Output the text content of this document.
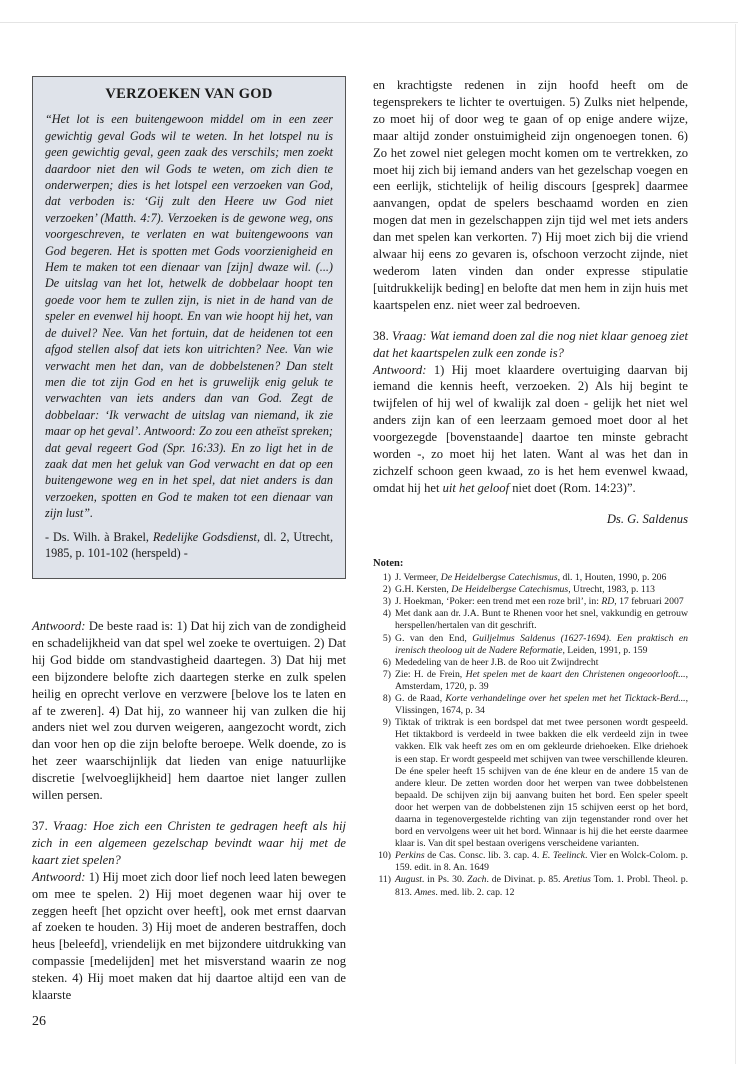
VERZOEKEN VAN GOD

“Het lot is een buitengewoon middel om in een zeer gewichtig geval Gods wil te weten. In het lotspel nu is geen gewichtig geval, geen zaak des verschils; men zoekt daardoor niet den wil Gods te weten, om zich dien te onderwerpen; dies is het lotspel een verzoeken van God, dat verboden is: ‘Gij zult den Heere uw God niet verzoeken’ (Matth. 4:7). Verzoeken is de gewone weg, ons voorgeschreven, te verlaten en wat buitengewoons van God begeren. Het is spotten met Gods voorzienigheid en Hem te maken tot een dienaar van [zijn] dwaze wil. (...) De uitslag van het lot, hetwelk de dobbelaar hoopt ten goede voor hem te zullen zijn, is niet in de hand van de speler en evenwel hij hoopt. En van wie hoopt hij het, van de duivel? Nee. Van het fortuin, dat de heidenen tot een afgod stellen alsof dat iets kon uitrichten? Nee. Van wie verwacht men het dan, van de dobbelstenen? Dan stelt men die tot zijn God en het is gruwelijk enig geluk te verwachten van iets anders dan van God. Zegt de dobbelaar: ‘Ik verwacht de uitslag van niemand, ik zie maar op het geval’. Antwoord: Zo zou een atheïst spreken; dat geval regeert God (Spr. 16:33). En zo ligt het in de zaak dat men het geluk van God verwacht en dat op een buitengewone weg en in het spel, dat niet anders is dan verzoeken, spotten en God te maken tot een dienaar van zijn lust”.

- Ds. Wilh. à Brakel, Redelijke Godsdienst, dl. 2, Utrecht, 1985, p. 101-102 (herspeld) -

Antwoord: De beste raad is: 1) Dat hij zich van de zondigheid en schadelijkheid van dat spel wel zoeke te overtuigen. 2) Dat hij God bidde om standvastigheid daartegen. 3) Dat hij met een bijzondere belofte zich daartegen sterke en zulk spelen heilig en oprecht verlove en verzwere [belove los te laten en af te zweren]. 4) Dat hij, zo wanneer hij van zulken die hij anders niet wel zou durven weigeren, aangezocht wordt, zich dan voor hen op die zijn belofte beroepe. Welk doende, zo is het zeer waarschijnlijk dat lieden van enige natuurlijke discretie [welvoeglijkheid] hem daartoe niet langer zullen willen persen.

37. Vraag: Hoe zich een Christen te gedragen heeft als hij zich in een algemeen gezelschap bevindt waar hij met de kaart ziet spelen?

Antwoord: 1) Hij moet zich door lief noch leed laten bewegen om mee te spelen. 2) Hij moet degenen waar hij over te zeggen heeft [het opzicht over heeft], ook met ernst daarvan af zoeken te houden. 3) Hij moet de anderen bestraffen, doch heus [beleefd], vriendelijk en met bijzondere uitdrukking van compassie [medelijden] met het misverstand waarin ze nog steken. 4) Hij moet maken dat hij daartoe altijd een van de klaarste

en krachtigste redenen in zijn hoofd heeft om de tegensprekers te lichter te overtuigen. 5) Zulks niet helpende, zo moet hij of door weg te gaan of op enige andere wijze, maar altijd zonder onstuimigheid zijn ongenoegen tonen. 6) Zo het zowel niet gelegen mocht komen om te vertrekken, zo moet hij zich bij iemand anders van het gezelschap voegen en een eerlijk, stichtelijk of heilig discours [gesprek] daarmee aanvangen, opdat de spelers beschaamd worden en zien mogen dat men in gezelschappen zijn tijd wel met iets anders dan met spelen kan verkorten. 7) Hij moet zich bij die vriend alwaar hij eens zo gevaren is, ofschoon verzocht zijnde, niet wederom laten vinden dan onder expresse stipulatie [uitdrukkelijk beding] en belofte dat men hem in zijn huis met kaartspelen enz. niet weer zal bedroeven.

38. Vraag: Wat iemand doen zal die nog niet klaar genoeg ziet dat het kaartspelen zulk een zonde is?

Antwoord: 1) Hij moet klaardere overtuiging daarvan bij iemand die kennis heeft, verzoeken. 2) Als hij begint te twijfelen of hij wel of kwalijk zal doen - gelijk het niet wel anders zijn kan of een leerzaam gemoed moet door al het voorgezegde [bovenstaande] daartoe ten minste gebracht worden -, zo moet hij het laten. Want al was het dan in zichzelf schoon geen kwaad, zo is het hem evenwel kwaad, omdat hij het uit het geloof niet doet (Rom. 14:23)”.

Ds. G. Saldenus

Noten:
1) J. Vermeer, De Heidelbergse Catechismus, dl. 1, Houten, 1990, p. 206
2) G.H. Kersten, De Heidelbergse Catechismus, Utrecht, 1983, p. 113
3) J. Hoekman, ‘Poker: een trend met een roze bril’, in: RD, 17 februari 2007
4) Met dank aan dr. J.A. Bunt te Rhenen voor het snel, vakkundig en getrouw herspellen/hertalen van dit geschrift.
5) G. van den End, Guiljelmus Saldenus (1627-1694). Een praktisch en irenisch theoloog uit de Nadere Reformatie, Leiden, 1991, p. 159
6) Mededeling van de heer J.B. de Roo uit Zwijndrecht
7) Zie: H. de Frein, Het spelen met de kaart den Christenen ongeoorlooft..., Amsterdam, 1720, p. 39
8) G. de Raad, Korte verhandelinge over het spelen met het Ticktack-Berd..., Vlissingen, 1674, p. 34
9) Tiktak of triktrak is een bordspel dat met twee personen wordt gespeeld. Het tiktakbord is verdeeld in twee bakken die elk verdeeld zijn in twee vakken. Elk vak heeft zes om en om gekleurde driehoeken. Elke driehoek is een stap. Er wordt gespeeld met schijven van twee verschillende kleuren. De éne speler heeft 15 schijven van de éne kleur en de andere 15 van de andere kleur. De zetten worden door het werpen van twee dobbelstenen bepaald. De schijven zijn bij aanvang buiten het bord. Een speler speelt door het werpen van de dobbelstenen zijn 15 schijven eerst op het bord, daarna in tegenovergestelde richting van zijn tegenstander rond over het bord en vervolgens weer uit het bord. Winnaar is hij die het eerste daarmee klaar is. Van dit spel bestaan overigens verscheidene varianten.
10) Perkins de Cas. Consc. lib. 3. cap. 4. E. Teelinck. Vier en Wolck-Colom. p. 159. edit. in 8. An. 1649
11) August. in Ps. 30. Zach. de Divinat. p. 85. Aretius Tom. 1. Probl. Theol. p. 813. Ames. med. lib. 2. cap. 12
26
